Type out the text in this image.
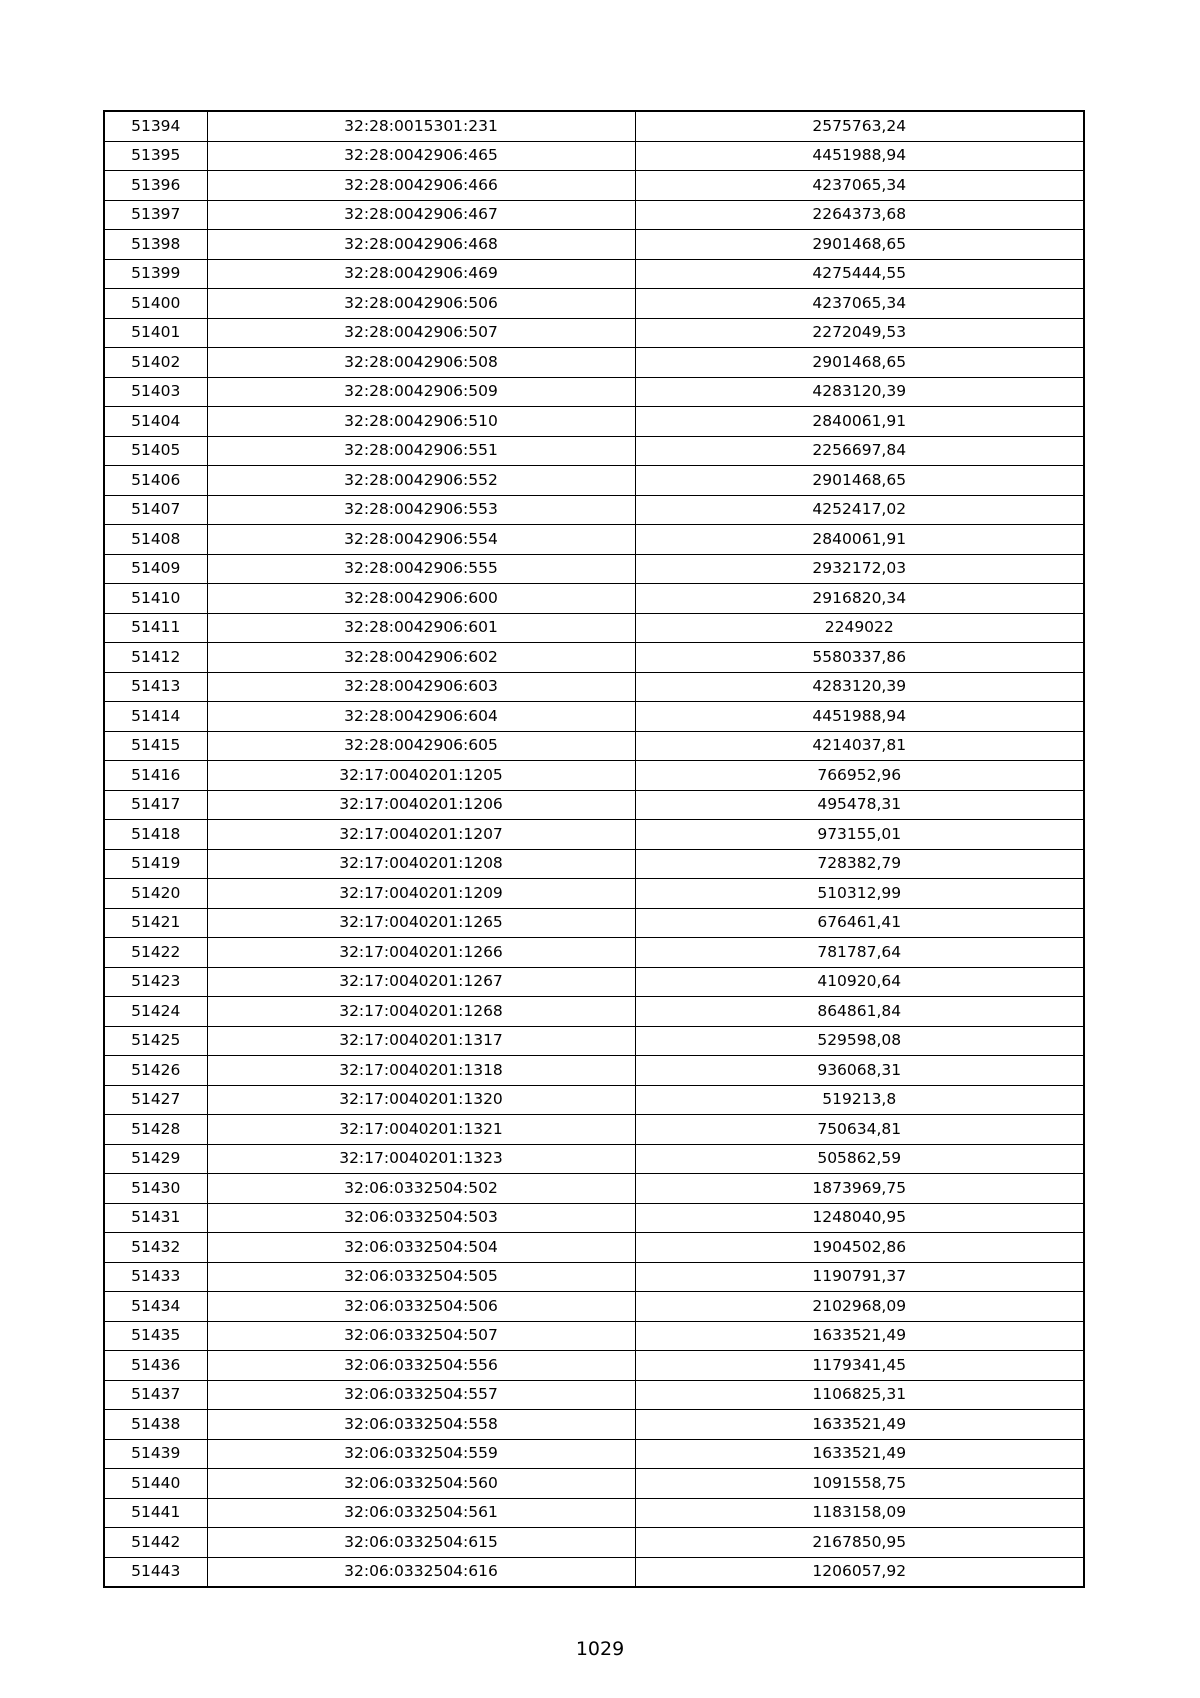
51394	32:28:0015301:231	2575763,24
51395	32:28:0042906:465	4451988,94
51396	32:28:0042906:466	4237065,34
51397	32:28:0042906:467	2264373,68
51398	32:28:0042906:468	2901468,65
51399	32:28:0042906:469	4275444,55
51400	32:28:0042906:506	4237065,34
51401	32:28:0042906:507	2272049,53
51402	32:28:0042906:508	2901468,65
51403	32:28:0042906:509	4283120,39
51404	32:28:0042906:510	2840061,91
51405	32:28:0042906:551	2256697,84
51406	32:28:0042906:552	2901468,65
51407	32:28:0042906:553	4252417,02
51408	32:28:0042906:554	2840061,91
51409	32:28:0042906:555	2932172,03
51410	32:28:0042906:600	2916820,34
51411	32:28:0042906:601	2249022
51412	32:28:0042906:602	5580337,86
51413	32:28:0042906:603	4283120,39
51414	32:28:0042906:604	4451988,94
51415	32:28:0042906:605	4214037,81
51416	32:17:0040201:1205	766952,96
51417	32:17:0040201:1206	495478,31
51418	32:17:0040201:1207	973155,01
51419	32:17:0040201:1208	728382,79
51420	32:17:0040201:1209	510312,99
51421	32:17:0040201:1265	676461,41
51422	32:17:0040201:1266	781787,64
51423	32:17:0040201:1267	410920,64
51424	32:17:0040201:1268	864861,84
51425	32:17:0040201:1317	529598,08
51426	32:17:0040201:1318	936068,31
51427	32:17:0040201:1320	519213,8
51428	32:17:0040201:1321	750634,81
51429	32:17:0040201:1323	505862,59
51430	32:06:0332504:502	1873969,75
51431	32:06:0332504:503	1248040,95
51432	32:06:0332504:504	1904502,86
51433	32:06:0332504:505	1190791,37
51434	32:06:0332504:506	2102968,09
51435	32:06:0332504:507	1633521,49
51436	32:06:0332504:556	1179341,45
51437	32:06:0332504:557	1106825,31
51438	32:06:0332504:558	1633521,49
51439	32:06:0332504:559	1633521,49
51440	32:06:0332504:560	1091558,75
51441	32:06:0332504:561	1183158,09
51442	32:06:0332504:615	2167850,95
51443	32:06:0332504:616	1206057,92
1029
